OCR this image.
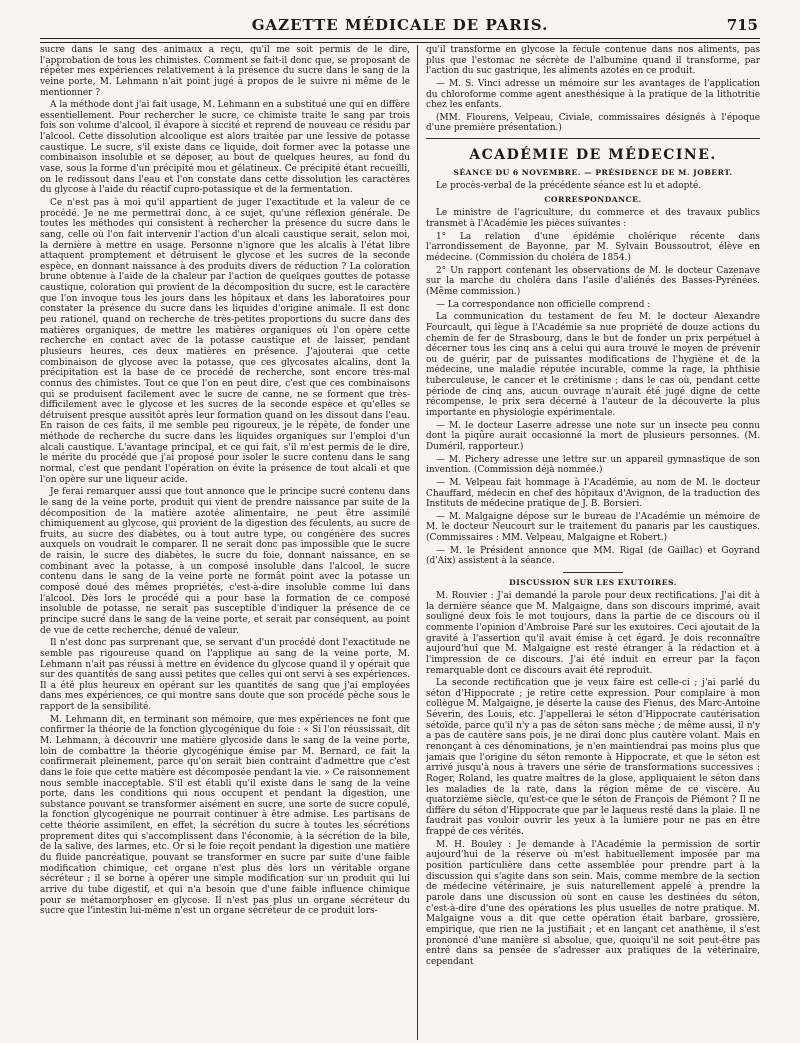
GAZETTE MÉDICALE DE PARIS.	715

sucre dans le sang des animaux a reçu, qu'il me soit permis de le dire, l'approbation de tous les chimistes. Comment se fait-il donc que, se proposant de répéter mes expériences relativement à la présence du sucre dans le sang de la veine porte, M. Lehmann n'ait point jugé à propos de le suivre ni même de le mentionner ?

A la méthode dont j'ai fait usage, M. Lehmann en a substitué une qui en diffère essentiellement. Pour rechercher le sucre, ce chimiste traite le sang par trois fois son volume d'alcool, il évapore à siccité et reprend de nouveau ce résidu par l'alcool. Cette dissolution alcoolique est alors traitée par une lessive de potasse caustique. Le sucre, s'il existe dans ce liquide, doit former avec la potasse une combinaison insoluble et se déposer, au bout de quelques heures, au fond du vase, sous la forme d'un précipité mou et gélatineux. Ce précipité étant recueilli, on le redissout dans l'eau et l'on constate dans cette dissolution les caractères du glycose à l'aide du réactif cupro-potassique et de la fermentation.

Ce n'est pas à moi qu'il appartient de juger l'exactitude et la valeur de ce procédé. Je ne me permettrai donc, à ce sujet, qu'une réflexion générale. De toutes les méthodes qui consistent à rechercher la présence du sucre dans le sang, celle où l'on fait intervenir l'action d'un alcali caustique serait, selon moi, la dernière à mettre en usage. Personne n'ignore que les alcalis à l'état libre attaquent promptement et détruisent le glycose et les sucres de la seconde espèce, en donnant naissance à des produits divers de réduction ? La coloration brune obtenue à l'aide de la chaleur par l'action de quelques gouttes de potasse caustique, coloration qui provient de la décomposition du sucre, est le caractère que l'on invoque tous les jours dans les hôpitaux et dans les laboratoires pour constater la présence du sucre dans les liquides d'origine animale. Il est donc peu rationel, quand on recherche de très-petites proportions du sucre dans des matières organiques, de mettre les matières organiques où l'on opère cette recherche en contact avec de la potasse caustique et de laisser, pendant plusieurs heures, ces deux matières en présence. J'ajouterai que cette combinaison de glycose avec la potasse, que ces glycosates alcalins, dont la précipitation est la base de ce procédé de recherche, sont encore très-mal connus des chimistes. Tout ce que l'on en peut dire, c'est que ces combinaisons qui se produisent facilement avec le sucre de canne, ne se forment que très-difficilement avec le glycose et les sucres de la seconde espèce et qu'elles se détruisent presque aussitôt après leur formation quand on les dissout dans l'eau. En raison de ces faits, il me semble peu rigoureux, je le répète, de fonder une méthode de recherche du sucre dans les liquides organiques sur l'emploi d'un alcali caustique. L'avantage principal, et ce qui fait, s'il m'est permis de le dire, le mérite du procédé que j'ai proposé pour isoler le sucre contenu dans le sang normal, c'est que pendant l'opération on évite la présence de tout alcali et que l'on opère sur une liqueur acide.

Je ferai remarquer aussi que tout annonce que le principe sucré contenu dans le sang de la veine porte, produit qui vient de prendre naissance par suite de la décomposition de la matière azotée alimentaire, ne peut être assimilé chimiquement au glycose, qui provient de la digestion des féculents, au sucre de fruits, au sucre des diabètes, ou à tout autre type, ou congénère des sucres auxquels on voudrait le comparer. Il ne serait donc pas impossible que le sucre de raisin, le sucre des diabètes, le sucre du foie, donnant naissance, en se combinant avec la potasse, à un composé insoluble dans l'alcool, le sucre contenu dans le sang de la veine porte ne formât point avec la potasse un composé doué des mêmes propriétés, c'est-à-dire insoluble comme lui dans l'alcool. Dès lors le procédé qui a pour base la formation de ce composé insoluble de potasse, ne serait pas susceptible d'indiquer la présence de ce principe sucré dans le sang de la veine porte, et serait par conséquent, au point de vue de cette recherche, dénué de valeur.

Il n'est donc pas surprenant que, se servant d'un procédé dont l'exactitude ne semble pas rigoureuse quand on l'applique au sang de la veine porte, M. Lehmann n'ait pas réussi à mettre en évidence du glycose quand il y opérait que sur des quantités de sang aussi petites que celles qui ont servi à ses expériences. Il a été plus heureux en opérant sur les quantités de sang que j'ai employées dans mes expériences, ce qui montre sans doute que son procédé pèche sous le rapport de la sensibilité.

M. Lehmann dit, en terminant son mémoire, que mes expériences ne font que confirmer la théorie de la fonction glycogénique du foie : « Si l'on réussissait, dit M. Lehmann, à découvrir une matière glycoside dans le sang de la veine porte, loin de combattre la théorie glycogénique émise par M. Bernard, ce fait la confirmerait pleinement, parce qu'on serait bien contraint d'admettre que c'est dans le foie que cette matière est décomposée pendant la vie. » Ce raisonnement nous semble inacceptable. S'il est établi qu'il existe dans le sang de la veine porte, dans les conditions qui nous occupent et pendant la digestion, une substance pouvant se transformer aisément en sucre, une sorte de sucre copulé, la fonction glycogénique ne pourrait continuer à être admise. Les partisans de cette théorie assimilent, en effet, la sécrétion du sucre à toutes les sécrétions proprement dites qui s'accomplissent dans l'économie, à la sécrétion de la bile, de la salive, des larmes, etc. Or si le foie reçoit pendant la digestion une matière du fluide pancréatique, pouvant se transformer en sucre par suite d'une faible modification chimique, cet organe n'est plus dès lors un véritable organe sécréteur ; il se borne à opérer une simple modification sur un produit qui lui arrive du tube digestif, et qui n'a besoin que d'une faible influence chimique pour se métamorphoser en glycose. Il n'est pas plus un organe sécréteur du sucre que l'intestin lui-même n'est un organe sécréteur de ce produit lors-

qu'il transforme en glycose la fécule contenue dans nos aliments, pas plus que l'estomac ne sécrète de l'albumine quand il transforme, par l'action du suc gastrique, les aliments azotés en ce produit.

— M. S. Vinci adresse un mémoire sur les avantages de l'application du chloroforme comme agent anesthésique à la pratique de la lithotritie chez les enfants.

(MM. Flourens, Velpeau, Civiale, commissaires désignés à l'époque d'une première présentation.)

ACADÉMIE DE MÉDECINE.
SÉANCE DU 6 NOVEMBRE. — PRÉSIDENCE DE M. JOBERT.

Le procès-verbal de la précédente séance est lu et adopté.

CORRESPONDANCE.

Le ministre de l'agriculture, du commerce et des travaux publics transmet à l'Académie les pièces suivantes :

1° La relation d'une épidémie cholérique récente dans l'arrondissement de Bayonne, par M. Sylvain Boussoutrot, élève en médecine. (Commission du choléra de 1854.)

2° Un rapport contenant les observations de M. le docteur Cazenave sur la marche du choléra dans l'asile d'aliénés des Basses-Pyrénées. (Même commission.)

— La correspondance non officielle comprend :

La communication du testament de feu M. le docteur Alexandre Fourcault, qui lègue à l'Académie sa nue propriété de douze actions du chemin de fer de Strasbourg, dans le but de fonder un prix perpétuel à décerner tous les cinq ans à celui qui aura trouvé le moyen de prévenir ou de guérir, par de puissantes modifications de l'hygiène et de la médecine, une maladie réputée incurable, comme la rage, la phthisie tuberculeuse, le cancer et le crétinisme ; dans le cas où, pendant cette période de cinq ans, aucun ouvrage n'aurait été jugé digne de cette récompense, le prix sera décerné à l'auteur de la découverte la plus importante en physiologie expérimentale.

— M. le docteur Laserre adresse une note sur un insecte peu connu dont la piqûre aurait occasionné la mort de plusieurs personnes. (M. Duméril, rapporteur.)

— M. Pichery adresse une lettre sur un appareil gymnastique de son invention. (Commission déjà nommée.)

— M. Velpeau fait hommage à l'Académie, au nom de M. le docteur Chauffard, médecin en chef des hôpitaux d'Avignon, de la traduction des Instituts de médecine pratique de J. B. Borsieri.

— M. Malgaigne dépose sur le bureau de l'Académie un mémoire de M. le docteur Neucourt sur le traitement du panaris par les caustiques. (Commissaires : MM. Velpeau, Malgaigne et Robert.)

— M. le Président annonce que MM. Rigal (de Gaillac) et Goyrand (d'Aix) assistent à la séance.

DISCUSSION SUR LES EXUTOIRES.

M. Rouvier : J'ai demandé la parole pour deux rectifications. J'ai dit à la dernière séance que M. Malgaigne, dans son discours imprimé, avait souligné deux fois le mot toujours, dans la partie de ce discours où il commente l'opinion d'Ambroise Paré sur les exutoires. Ceci ajoutait de la gravité à l'assertion qu'il avait émise à cet égard. Je dois reconnaître aujourd'hui que M. Malgaigne est resté étranger à la rédaction et à l'impression de ce discours. J'ai été induit en erreur par la façon remarquable dont ce discours avait été reproduit.

La seconde rectification que je veux faire est celle-ci ; j'ai parlé du séton d'Hippocrate ; je retire cette expression. Pour complaire à mon collègue M. Malgaigne, je déserte la cause des Fienus, des Marc-Antoine Séverin, des Louis, etc. J'appellerai le séton d'Hippocrate cautérisation sétoïde, parce qu'il n'y a pas de séton sans mèche ; de même aussi, il n'y a pas de cautère sans pois, je ne dirai donc plus cautère volant. Mais en renonçant à ces dénominations, je n'en maintiendrai pas moins plus que jamais que l'origine du séton remonte à Hippocrate, et que le séton est arrivé jusqu'à nous à travers une série de transformations successives : Roger, Roland, les quatre maîtres de la glose, appliquaient le séton dans les maladies de la rate, dans la région même de ce viscère. Au quatorzième siècle, qu'est-ce que le séton de François de Piémont ? Il ne diffère du séton d'Hippocrate que par le laqueus resté dans la plaie. Il ne faudrait pas vouloir ouvrir les yeux à la lumière pour ne pas en être frappé de ces vérités.

M. H. Bouley : Je demande à l'Académie la permission de sortir aujourd'hui de la réserve où m'est habituellement imposée par ma position particulière dans cette assemblée pour prendre part à la discussion qui s'agite dans son sein. Mais, comme membre de la section de médecine vétérinaire, je suis naturellement appelé à prendre la parole dans une discussion où sont en cause les destinées du séton, c'est-à-dire d'une des opérations les plus usuelles de notre pratique. M. Malgaigne vous a dit que cette opération était barbare, grossière, empirique, que rien ne la justifiait ; et en lançant cet anathème, il s'est prononcé d'une manière si absolue, que, quoiqu'il ne soit peut-être pas entré dans sa pensée de s'adresser aux pratiques de la vétérinaire, cependant
